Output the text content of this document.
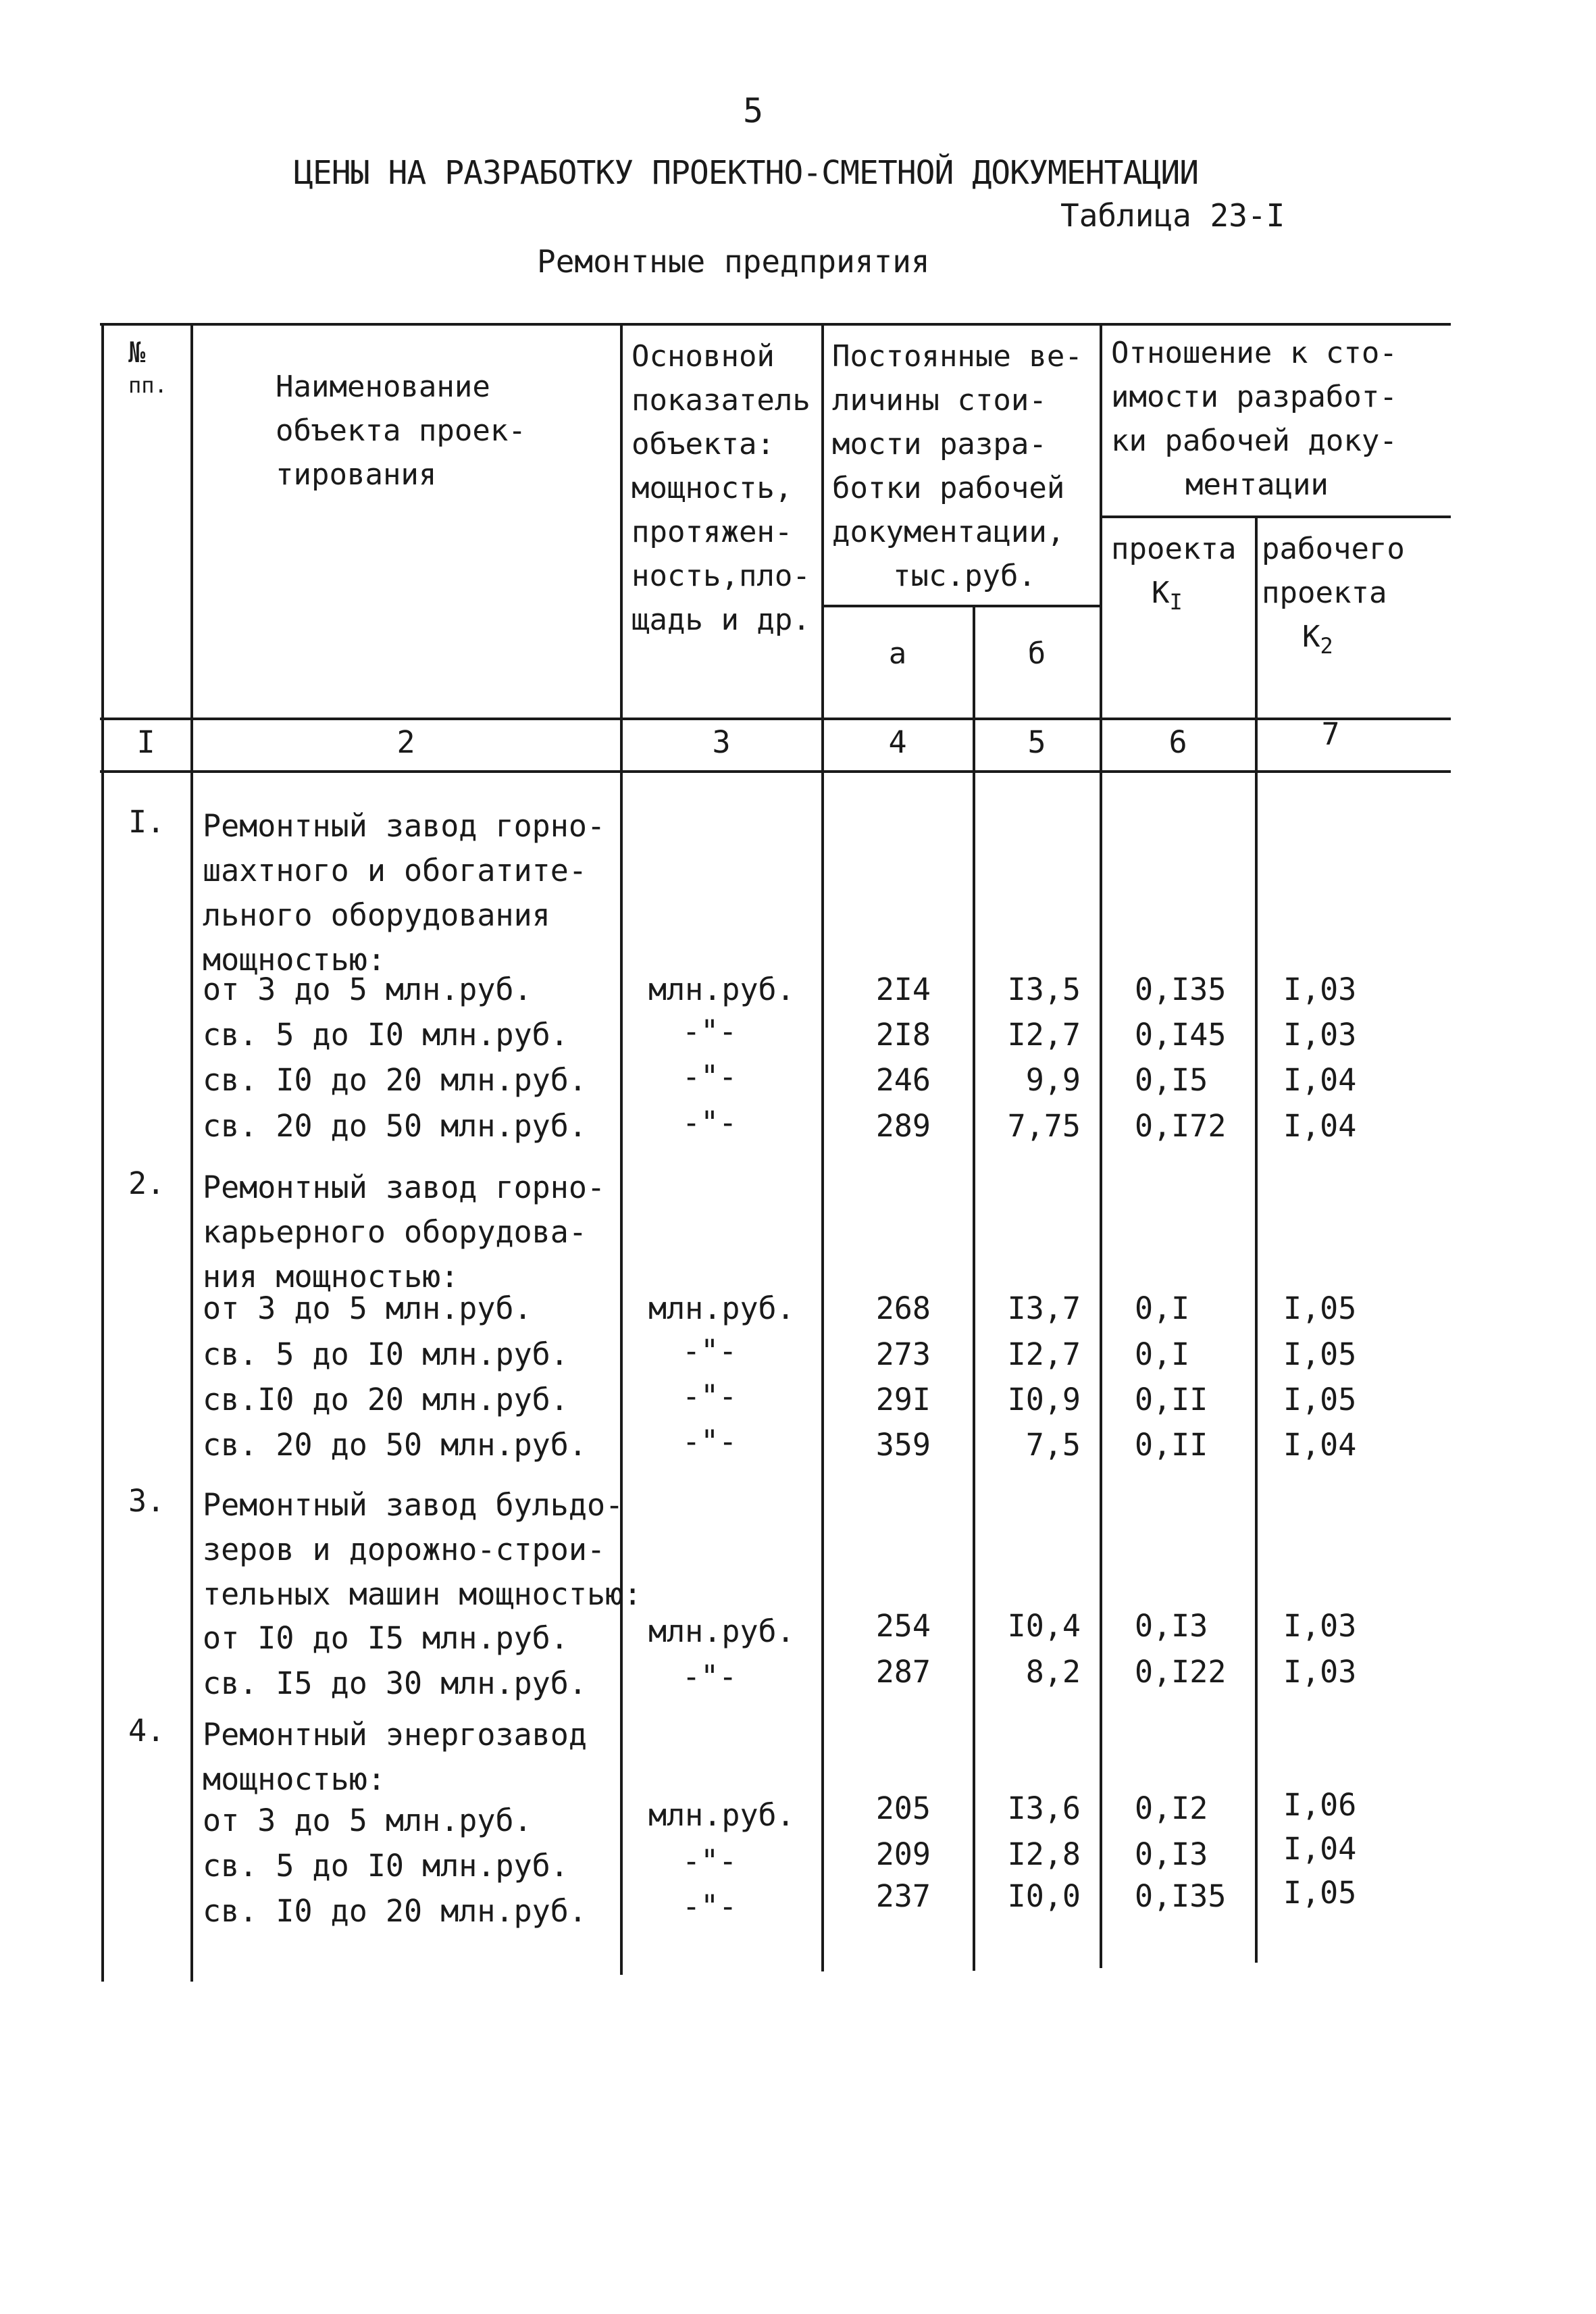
5
ЦЕНЫ НА РАЗРАБОТКУ ПРОЕКТНО-СМЕТНОЙ ДОКУМЕНТАЦИИ
Таблица 23-I
Ремонтные предприятия
№
пп.	Наименование
объекта проек-
тирования
Основной
показатель
объекта:
мощность,
протяжен-
ность,пло-
щадь и др.
Постоянные ве-
личины стои-
мости разра-
ботки рабочей
документации,
тыс.руб.
а	б
Отношение к сто-
имости разработ-
ки рабочей доку-
ментации
проекта
$К_I$
рабочего
проекта
$К_2$
I	2	3	4	5	6	7
I. Ремонтный завод горно-
шахтного и обогатите-
льного оборудования
мощностью:
от 3 до 5 млн.руб.	млн.руб.	2I4	I3,5 0,I35 I,03
св. 5 до I0 млн.руб.	-"-	2I8	I2,7 0,I45 I,03
св. I0 до 20 млн.руб.	-"-	246	9,9 0,I5 I,04
св. 20 до 50 млн.руб.	-"-	289	7,75 0,I72 I,04
2. Ремонтный завод горно-
карьерного оборудова-
ния мощностью:
от 3 до 5 млн.руб.	млн.руб.	268	I3,7 0,I	I,05
св. 5 до I0 млн.руб.	-"-	273	I2,7 0,I	I,05
св.I0 до 20 млн.руб.	-"-	29I	I0,9 0,II I,05
св. 20 до 50 млн.руб.	-"-	359	7,5 0,II I,04
3. Ремонтный завод бульдо-
зеров и дорожно-строи-
тельных машин мощностью:
от I0 до I5 млн.руб.	млн.руб.	254	I0,4 0,I3 I,03
св. I5 до 30 млн.руб.	-"-	287	8,2 0,I22 I,03
4. Ремонтный энергозавод
мощностью:
от 3 до 5 млн.руб.	млн.руб.	205	I3,6 0,I2 I,06
св. 5 до I0 млн.руб.	-"-	209	I2,8 0,I3 I,04
св. I0 до 20 млн.руб.	-"-	237	I0,0 0,I35 I,05
